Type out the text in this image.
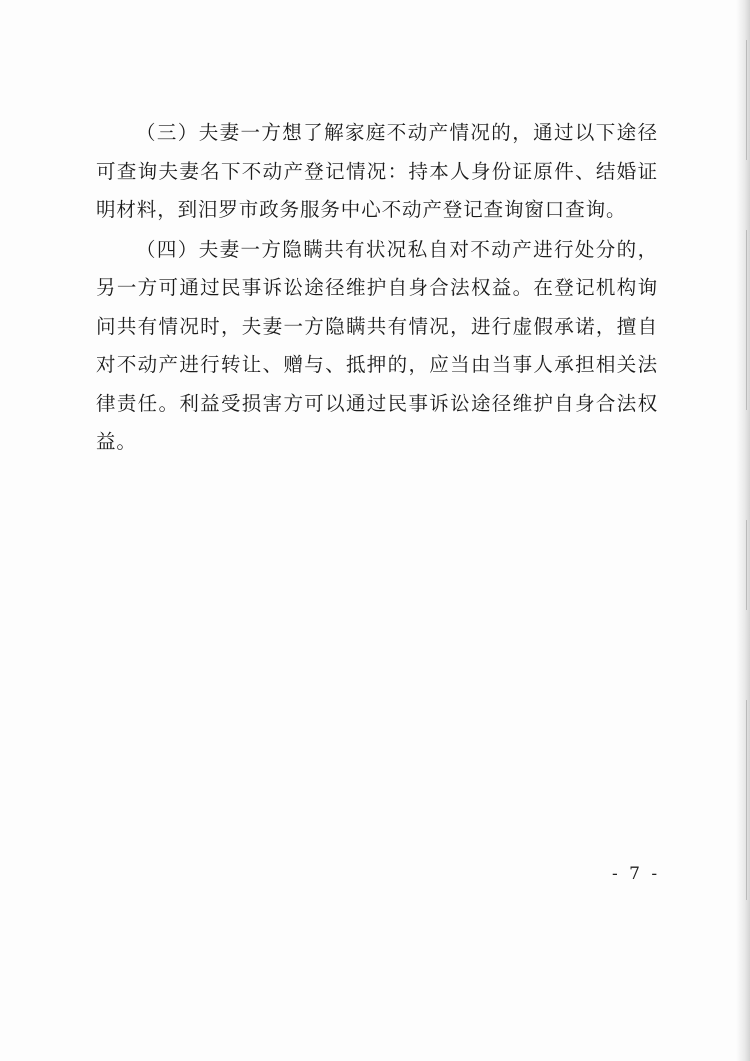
（三）夫妻一方想了解家庭不动产情况的，通过以下途径可查询夫妻名下不动产登记情况：持本人身份证原件、结婚证明材料，到汨罗市政务服务中心不动产登记查询窗口查询。

（四）夫妻一方隐瞒共有状况私自对不动产进行处分的，另一方可通过民事诉讼途径维护自身合法权益。在登记机构询问共有情况时，夫妻一方隐瞒共有情况，进行虚假承诺，擅自对不动产进行转让、赠与、抵押的，应当由当事人承担相关法律责任。利益受损害方可以通过民事诉讼途径维护自身合法权益。

- 7 -
